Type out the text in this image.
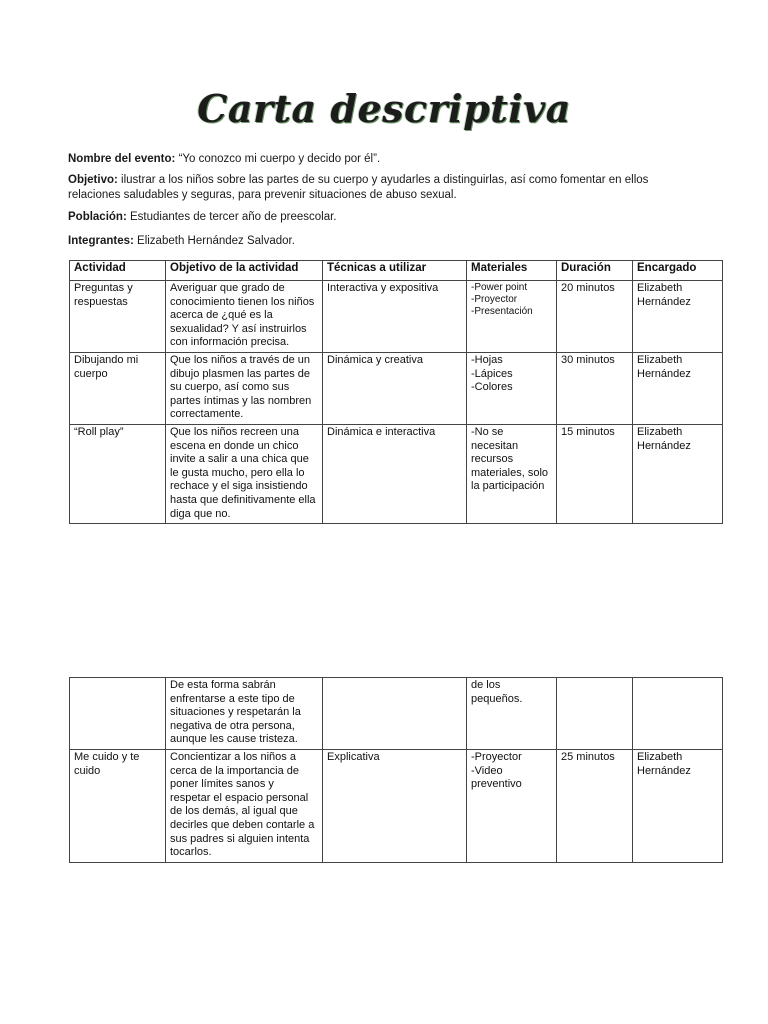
Carta descriptiva
Nombre del evento: “Yo conozco mi cuerpo y decido por él”.
Objetivo: ilustrar a los niños sobre las partes de su cuerpo y ayudarles a distinguirlas, así como fomentar en ellos relaciones saludables y seguras, para prevenir situaciones de abuso sexual.
Población: Estudiantes de tercer año de preescolar.
Integrantes: Elizabeth Hernández Salvador.
Actividad	Objetivo de la actividad	Técnicas a utilizar	Materiales	Duración	Encargado
Preguntas y respuestas	Averiguar que grado de conocimiento tienen los niños acerca de ¿qué es la sexualidad? Y así instruirlos con información precisa.	Interactiva y expositiva	-Power point
-Proyector
-Presentación	20 minutos	Elizabeth Hernández
Dibujando mi cuerpo	Que los niños a través de un dibujo plasmen las partes de su cuerpo, así como sus partes íntimas y las nombren correctamente.	Dinámica y creativa	-Hojas
-Lápices
-Colores	30 minutos	Elizabeth Hernández
“Roll play”	Que los niños recreen una escena en donde un chico invite a salir a una chica que le gusta mucho, pero ella lo rechace y el siga insistiendo hasta que definitivamente ella diga que no.	Dinámica e interactiva	-No se necesitan recursos materiales, solo la participación	15 minutos	Elizabeth Hernández
	De esta forma sabrán enfrentarse a este tipo de situaciones y respetarán la negativa de otra persona, aunque les cause tristeza.		de los pequeños.		
Me cuido y te cuido	Concientizar a los niños a cerca de la importancia de poner límites sanos y respetar el espacio personal de los demás, al igual que decirles que deben contarle a sus padres si alguien intenta tocarlos.	Explicativa	-Proyector
-Video preventivo	25 minutos	Elizabeth Hernández
